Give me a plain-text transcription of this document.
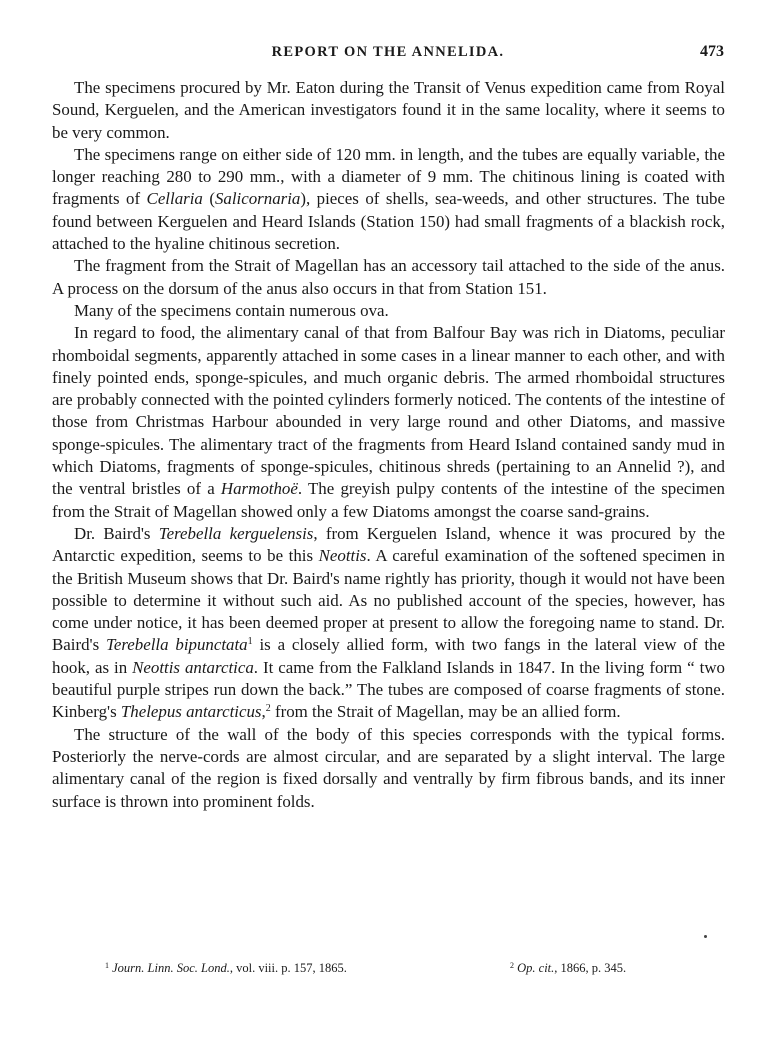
REPORT ON THE ANNELIDA.	473

The specimens procured by Mr. Eaton during the Transit of Venus expedition came from Royal Sound, Kerguelen, and the American investigators found it in the same locality, where it seems to be very common.

The specimens range on either side of 120 mm. in length, and the tubes are equally variable, the longer reaching 280 to 290 mm., with a diameter of 9 mm. The chitinous lining is coated with fragments of Cellaria (Salicornaria), pieces of shells, sea-weeds, and other structures. The tube found between Kerguelen and Heard Islands (Station 150) had small fragments of a blackish rock, attached to the hyaline chitinous secretion.

The fragment from the Strait of Magellan has an accessory tail attached to the side of the anus. A process on the dorsum of the anus also occurs in that from Station 151.

Many of the specimens contain numerous ova.

In regard to food, the alimentary canal of that from Balfour Bay was rich in Diatoms, peculiar rhomboidal segments, apparently attached in some cases in a linear manner to each other, and with finely pointed ends, sponge-spicules, and much organic debris. The armed rhomboidal structures are probably connected with the pointed cylinders formerly noticed. The contents of the intestine of those from Christmas Harbour abounded in very large round and other Diatoms, and massive sponge-spicules. The alimentary tract of the fragments from Heard Island contained sandy mud in which Diatoms, fragments of sponge-spicules, chitinous shreds (pertaining to an Annelid ?), and the ventral bristles of a Harmothoë. The greyish pulpy contents of the intestine of the specimen from the Strait of Magellan showed only a few Diatoms amongst the coarse sand-grains.

Dr. Baird's Terebella kerguelensis, from Kerguelen Island, whence it was procured by the Antarctic expedition, seems to be this Neottis. A careful examination of the softened specimen in the British Museum shows that Dr. Baird's name rightly has priority, though it would not have been possible to determine it without such aid. As no published account of the species, however, has come under notice, it has been deemed proper at present to allow the foregoing name to stand. Dr. Baird's Terebella bipunctata$^1$ is a closely allied form, with two fangs in the lateral view of the hook, as in Neottis antarctica. It came from the Falkland Islands in 1847. In the living form “ two beautiful purple stripes run down the back.” The tubes are composed of coarse fragments of stone. Kinberg's Thelepus antarcticus,$^2$ from the Strait of Magellan, may be an allied form.

The structure of the wall of the body of this species corresponds with the typical forms. Posteriorly the nerve-cords are almost circular, and are separated by a slight interval. The large alimentary canal of the region is fixed dorsally and ventrally by firm fibrous bands, and its inner surface is thrown into prominent folds.

$^1$ Journ. Linn. Soc. Lond., vol. viii. p. 157, 1865.	$^2$ Op. cit., 1866, p. 345.
